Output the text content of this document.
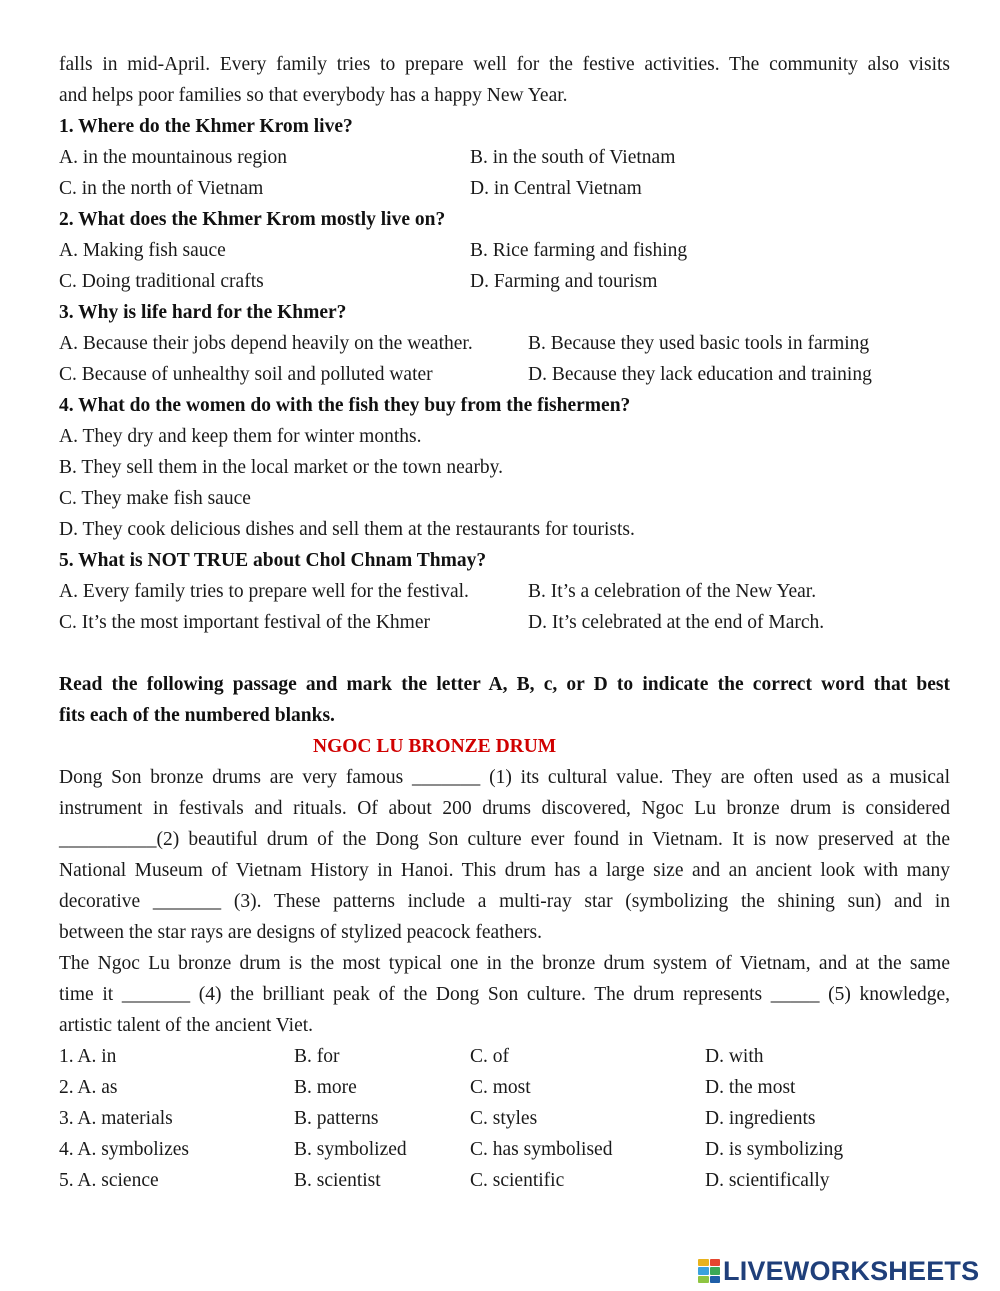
falls in mid-April. Every family tries to prepare well for the festive activities. The community also visits
and helps poor families so that everybody has a happy New Year.
1. Where do the Khmer Krom live?
A. in the mountainous region	B. in the south of Vietnam
C. in the north of Vietnam	D. in Central Vietnam
2. What does the Khmer Krom mostly live on?
A. Making fish sauce	B. Rice farming and fishing
C. Doing traditional crafts	D. Farming and tourism
3. Why is life hard for the Khmer?
A. Because their jobs depend heavily on the weather.	B. Because they used basic tools in farming
C. Because of unhealthy soil and polluted water	D. Because they lack education and training
4. What do the women do with the fish they buy from the fishermen?
A. They dry and keep them for winter months.
B. They sell them in the local market or the town nearby.
C. They make fish sauce
D. They cook delicious dishes and sell them at the restaurants for tourists.
5. What is NOT TRUE about Chol Chnam Thmay?
A. Every family tries to prepare well for the festival.	B. It’s a celebration of the New Year.
C. It’s the most important festival of the Khmer	D. It’s celebrated at the end of March.
Read the following passage and mark the letter A, B, c, or D to indicate the correct word that best
fits each of the numbered blanks.
NGOC LU BRONZE DRUM
Dong Son bronze drums are very famous _______ (1) its cultural value. They are often used as a musical
instrument in festivals and rituals. Of about 200 drums discovered, Ngoc Lu bronze drum is considered
__________(2) beautiful drum of the Dong Son culture ever found in Vietnam. It is now preserved at the
National Museum of Vietnam History in Hanoi. This drum has a large size and an ancient look with many
decorative _______ (3). These patterns include a multi-ray star (symbolizing the shining sun) and in
between the star rays are designs of stylized peacock feathers.
The Ngoc Lu bronze drum is the most typical one in the bronze drum system of Vietnam, and at the same
time it _______ (4) the brilliant peak of the Dong Son culture. The drum represents _____ (5) knowledge,
artistic talent of the ancient Viet.
1. A. in	B. for	C. of	D. with
2. A. as	B. more	C. most	D. the most
3. A. materials	B. patterns	C. styles	D. ingredients
4. A. symbolizes	B. symbolized	C. has symbolised	D. is symbolizing
5. A. science	B. scientist	C. scientific	D. scientifically
LIVEWORKSHEETS
